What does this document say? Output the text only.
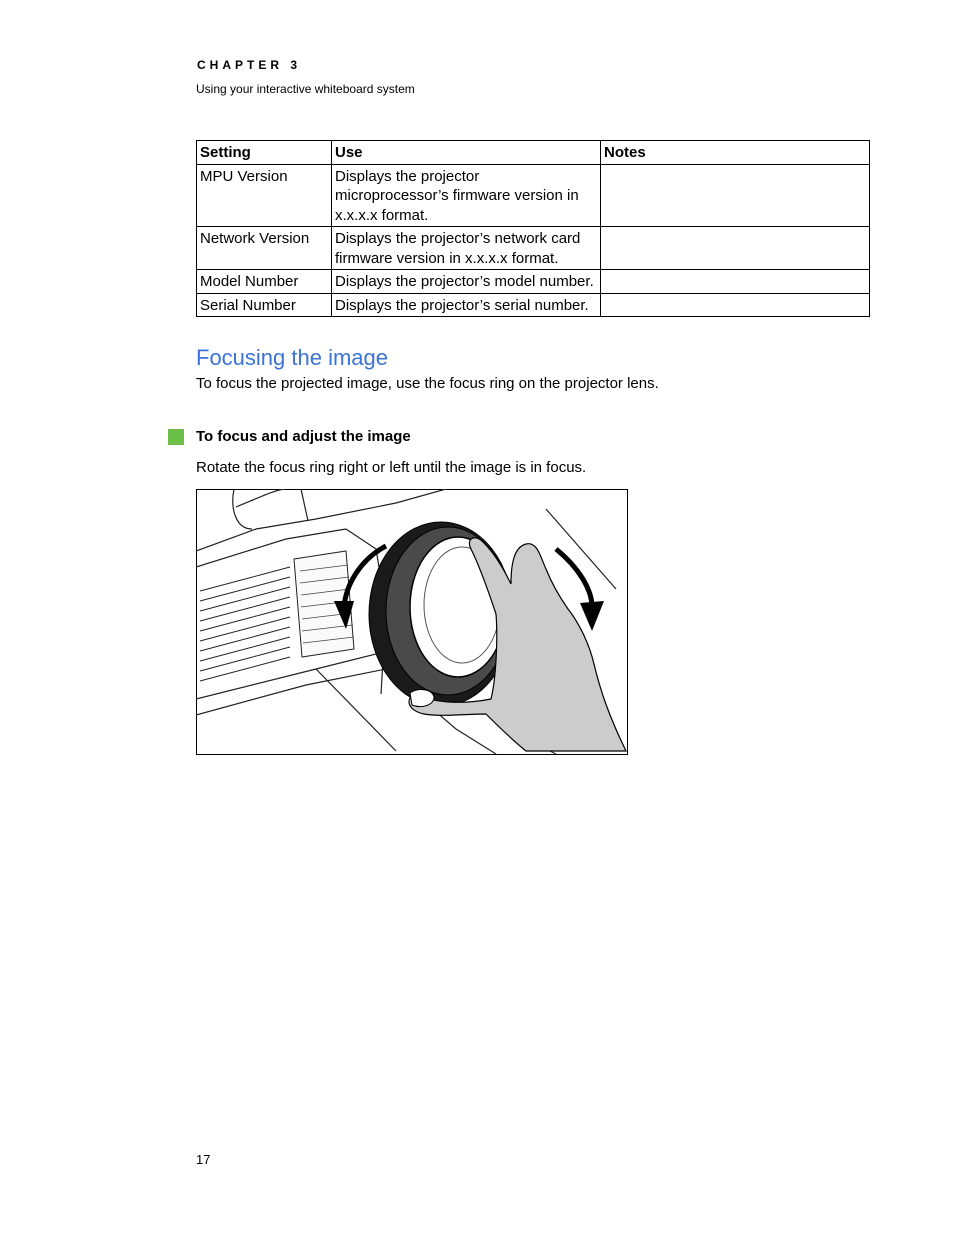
CHAPTER 3
Using your interactive whiteboard system
Setting	Use	Notes
MPU Version	Displays the projector microprocessor’s firmware version in x.x.x.x format.	
Network Version	Displays the projector’s network card firmware version in x.x.x.x format.	
Model Number	Displays the projector’s model number.	
Serial Number	Displays the projector’s serial number.	
Focusing the image

To focus the projected image, use the focus ring on the projector lens.

To focus and adjust the image

Rotate the focus ring right or left until the image is in focus.

17
